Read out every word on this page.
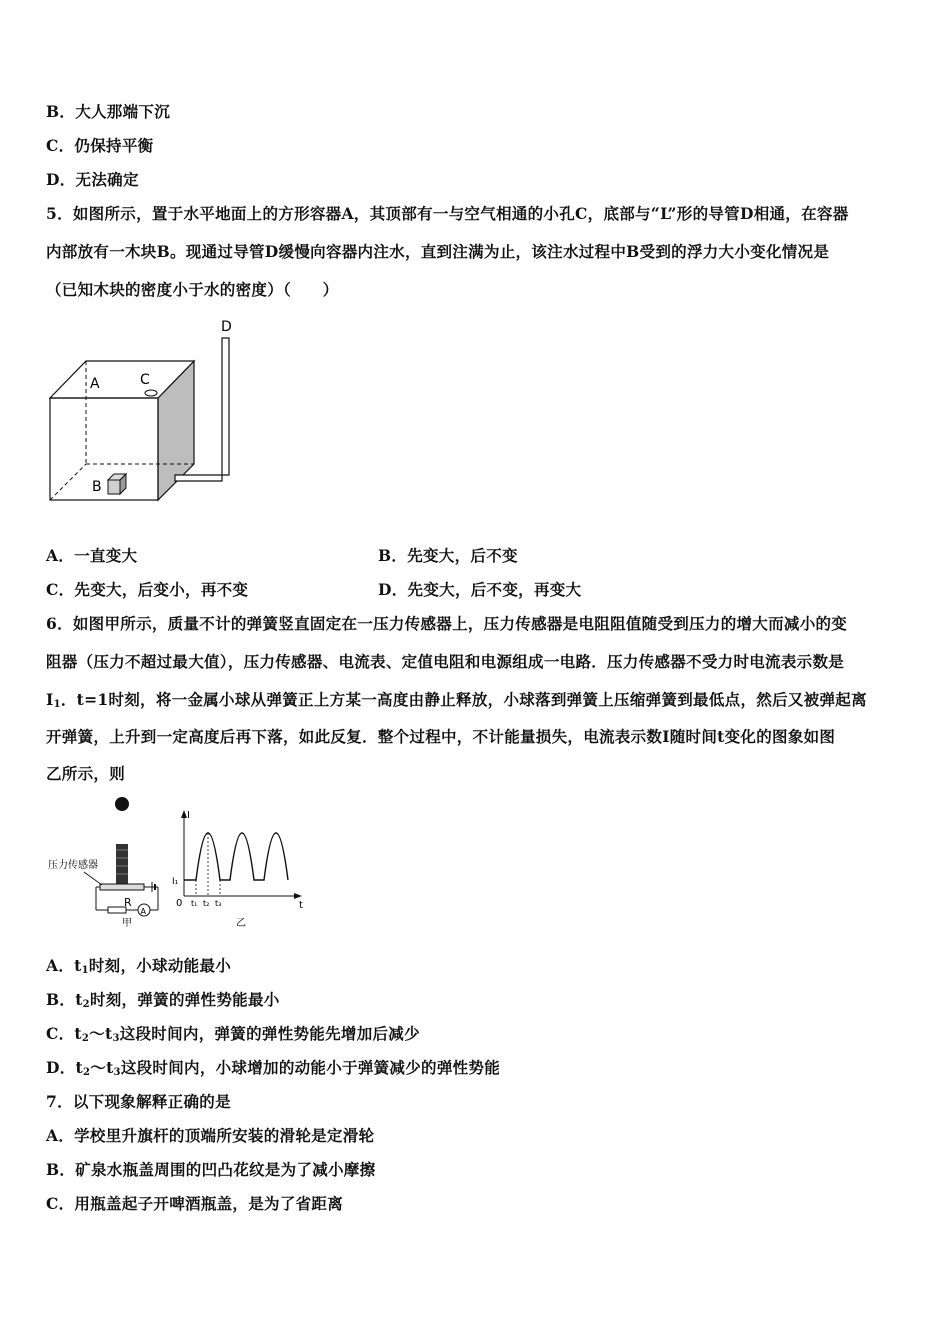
B．大人那端下沉
C．仍保持平衡
D．无法确定
5．如图所示，置于水平地面上的方形容器A，其顶部有一与空气相通的小孔C，底部与“L”形的导管D相通，在容器
内部放有一木块B。现通过导管D缓慢向容器内注水，直到注满为止，该注水过程中B受到的浮力大小变化情况是
（已知木块的密度小于水的密度）（　　）
A	C
D
B
A．一直变大	B．先变大，后不变
C．先变大，后变小，再不变	D．先变大，后不变，再变大
6．如图甲所示，质量不计的弹簧竖直固定在一压力传感器上，压力传感器是电阻阻值随受到压力的增大而减小的变
阻器（压力不超过最大值），压力传感器、电流表、定值电阻和电源组成一电路．压力传感器不受力时电流表示数是
$I_1$．t=1时刻，将一金属小球从弹簧正上方某一高度由静止释放，小球落到弹簧上压缩弹簧到最低点，然后又被弹起离
开弹簧，上升到一定高度后再下落，如此反复．整个过程中，不计能量损失，电流表示数I随时间t变化的图象如图
乙所示，则
压力传感器
R
A
甲
I
t
0
I₁
t₁ t₂ t₃
乙
A．$t_1$时刻，小球动能最小
B．$t_2$时刻，弹簧的弹性势能最小
C．$t_2\sim t_3$这段时间内，弹簧的弹性势能先增加后减少
D．$t_2\sim t_3$这段时间内，小球增加的动能小于弹簧减少的弹性势能
7．以下现象解释正确的是
A．学校里升旗杆的顶端所安装的滑轮是定滑轮
B．矿泉水瓶盖周围的凹凸花纹是为了减小摩擦
C．用瓶盖起子开啤酒瓶盖，是为了省距离
